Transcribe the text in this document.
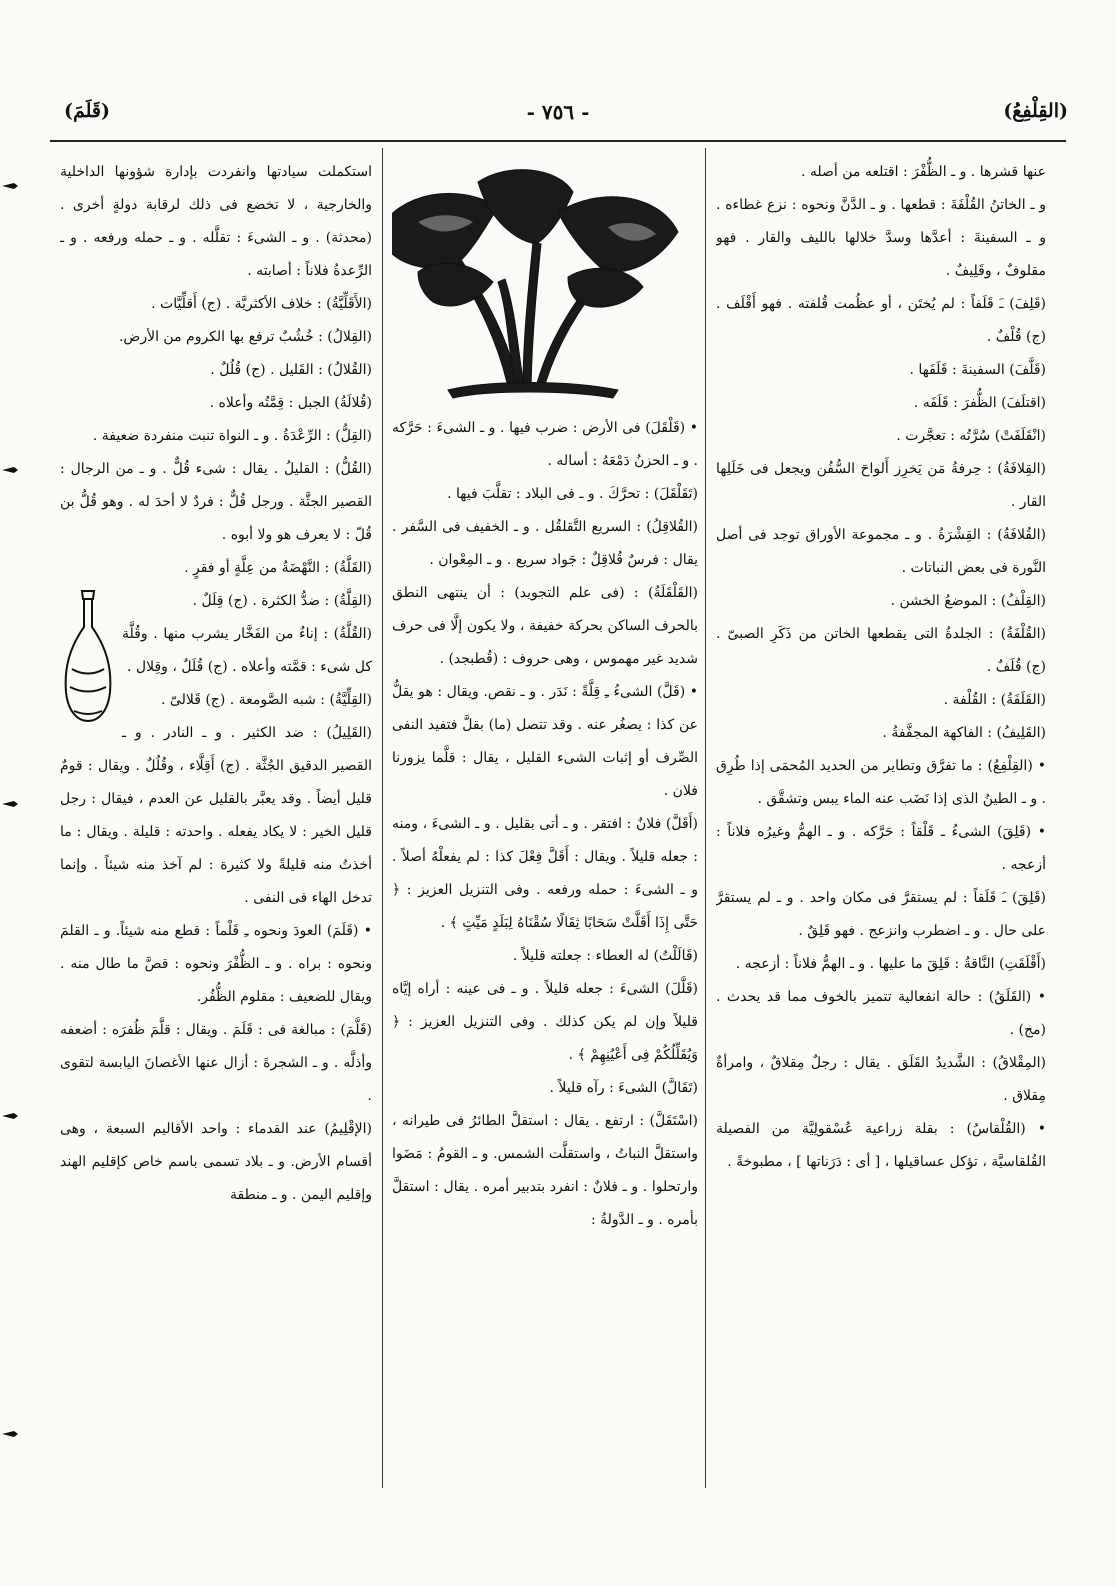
(القِلْفِعُ)
- ٧٥٦ -
(قَلَمَ)

عنها قشرها . و ـ الظُّفْرَ : اقتلعه من أصله .

و ـ الخاتنُ القُلْفَةَ : قطعها . و ـ الدَّنَّ ونحوه : نزع غطاءه . و ـ السفينةَ : أعدَّها وسدَّ خلالها بالليف والقار . فهو مقلوفٌ ، وقَلِيفٌ .

(قَلِفَ) ـَ قَلَفاً : لم يُختَن ، أو عظُمت قُلفته . فهو أَقْلَف . (ج) قُلْفٌ .

(قَلَّفَ) السفينةَ : قَلَفَها .

(اقتلَفَ) الظُّفرَ : قَلَفَه .

(انْقَلَفَتْ) سُرَّتُه : تعجَّرت .

(القِلافَةُ) : حِرفةُ مَن يَخرِز أَلواحَ السُّفُن ويجعل فى خَلَلِها القار .

(القُلافَةُ) : القِشْرَةُ . و ـ مجموعة الأوراق توجد فى أصل النَّورة فى بعض النباتات .

(القِلْفُ) : الموضعُ الخشن .

(القُلْفَةُ) : الجلدةُ التى يقطعها الخاتن من ذَكَرِ الصبىّ . (ج) قُلَفٌ .

(القَلَفَةُ) : القُلْفة .

(القَلِيفُ) : الفاكهة المجفَّفةُ .

• (القِلْفِعُ) : ما تفرَّق وتطاير من الحديد المُحمَى إذا طُرِق . و ـ الطينُ الذى إذا نَضَب عنه الماء يبس وتشقَّق .

• (قَلِقَ) الشىءُ ـ قَلْقاً : حَرَّكه . و ـ الهمُّ وغيرُه فلاناً : أزعجه .

(قَلِقَ) ـَ قَلَقاً : لم يستقرَّ فى مكان واحد . و ـ لم يستقرَّ على حال . و ـ اضطرب وانزعج . فهو قَلِقٌ .

(أَقْلَقَتِ) النَّاقةُ : قَلِقَ ما عليها . و ـ الهمُّ فلاناً : أزعجه .

• (القَلَقُ) : حالة انفعالية تتميز بالخوف مما قد يحدث . (مج) .

(المِقْلاقُ) : الشَّديدُ القَلَق . يقال : رجلٌ مِقلاقٌ ، وامرأةٌ مِقلاق .

• (القُلْقاسُ) : بقلة زراعية عُسْقولِيَّة من الفصيلة القُلقاسيَّة ، تؤكل عساقيلها ، [ أى : دَرَناتها ] ، مطبوخةً .

• (قَلْقَلَ) فى الأرض : ضرب فيها . و ـ الشىءَ : حَرَّكه . و ـ الحزنُ دَمْعَهُ : أساله .

(تَقَلْقَلَ) : تحرَّكَ . و ـ فى البلاد : تقلَّبَ فيها .

(القُلاقِلُ) : السريع التَّقلقُل . و ـ الخفيف فى السَّفر . يقال : فرسٌ قُلاقِلٌ : جَواد سريع . و ـ المِعْوان .

(القَلْقَلَةُ) : (فى علم التجويد) : أن ينتهى النطق بالحرف الساكن بحركة خفيفة ، ولا يكون إلَّا فى حرف شديد غير مهموس ، وهى حروف : (قُطبجد) .

• (قَلَّ) الشىءُ ـِ قِلَّةً : نَدَر . و ـ نقص. ويقال : هو يقلُّ عن كذا : يصغُر عنه . وقد تتصل (ما) بقلَّ فتفيد النفى الصِّرف أو إثبات الشىء القليل ، يقال : قلَّما يزورنا فلان .

(أَقَلَّ) فلانٌ : افتقر . و ـ أتى بقليل . و ـ الشىءَ ، ومنه : جعله قليلاً . ويقال : أَقَلَّ فِعْلَ كذا : لم يفعلْهُ أصلاً . و ـ الشىءَ : حمله ورفعه . وفى التنزيل العزيز : ﴿ حَتَّى إِذَا أَقَلَّتْ سَحَابًا ثِقَالًا سُقْنَاهُ لِبَلَدٍ مَيِّتٍ ﴾ .

(قَالَلْتُ) له العطاء : جعلته قليلاً .

(قَلَّلَ) الشىءَ : جعله قليلاً . و ـ فى عينه : أراه إيَّاه قليلاً وإن لم يكن كذلك . وفى التنزيل العزيز : ﴿ وَيُقَلِّلُكُمْ فِى أَعْيُنِهِمْ ﴾ .

(تَقَالَّ) الشىءَ : رآه قليلاً .

(اسْتَقَلَّ) : ارتفع . يقال : استقلَّ الطائرُ فى طيرانه ، واستقلَّ النباتُ ، واستقلَّت الشمس. و ـ القومُ : مَضَوا وارتحلوا . و ـ فلانٌ : انفرد بتدبير أمره . يقال : استقلَّ بأمره . و ـ الدَّولةُ :

استكملت سيادتها وانفردت بإدارة شؤونها الداخلية والخارجية ، لا تخضع فى ذلك لرقابة دولةٍ أخرى . (محدثة) . و ـ الشىءَ : تقلَّله . و ـ حمله ورفعه . و ـ الرِّعدةُ فلاناً : أصابته .

(الأَقَلِّيَّةُ) : خلاف الأكثريَّة . (ج) أَقلِّيَّات .

(القِلالُ) : خُشُبٌ ترفع بها الكروم من الأرض.

(القُلالُ) : القَليل . (ج) قُلُلٌ .

(قُلالَةُ) الجبل : قِمَّتُه وأعلاه .

(القِلُّ) : الرِّعْدَةُ . و ـ النواة تنبت منفردة ضعيفة .

(القُلُّ) : القليلُ . يقال : شىء قُلٌّ . و ـ من الرجال : القصير الجثَّة . ورجل قُلٌّ : فردٌ لا أحدَ له . وهو قُلُّ بن قُلّ : لا يعرف هو ولا أبوه .

(القَلَّةُ) : النَّهْضَةُ من عِلَّةٍ أو فقرٍ .

(القِلَّةُ) : ضدُّ الكثرة . (ج) قِلَلٌ .

(القُلَّةُ) : إناءٌ من الفَخَّار يشرب منها . وقُلَّة كل شىء : قمَّته وأعلاه . (ج) قُلَلٌ ، وقِلال .

(القِلِّيَّةُ) : شبه الصَّومعة . (ج) قَلالىّ .

(القَلِيلُ) : ضد الكثير . و ـ النادر . و ـ القصير الدقيق الجُثَّة . (ج) أَقِلَّاء ، وقُلُلٌ . ويقال : قومٌ قليل أيضاً . وقد يعبَّر بالقليل عن العدم ، فيقال : رجل قليل الخير : لا يكاد يفعله . واحدته : قليلة . ويقال : ما أخذتُ منه قليلةً ولا كثيرة : لم آخذ منه شيئاً . وإنما تدخل الهاء فى النفى .

• (قَلَمَ) العودَ ونحوه ـِ قَلْماً : قطع منه شيئاً. و ـ القلمَ ونحوه : براه . و ـ الظُّفْرَ ونحوه : قصَّ ما طال منه . ويقال للضعيف : مقلوم الظُّفُر.

(قَلَّمَ) : مبالغة فى : قَلَمَ . ويقال : قلَّمَ ظُفرَه : أضعفه وأذلَّه . و ـ الشجرةَ : أزال عنها الأغصانَ اليابسة لتقوى .

(الإقْلِيمُ) عند القدماء : واحد الأقاليم السبعة ، وهى أقسام الأرض. و ـ بلاد تسمى باسم خاص كإقليم الهند وإقليم اليمن . و ـ منطقة
